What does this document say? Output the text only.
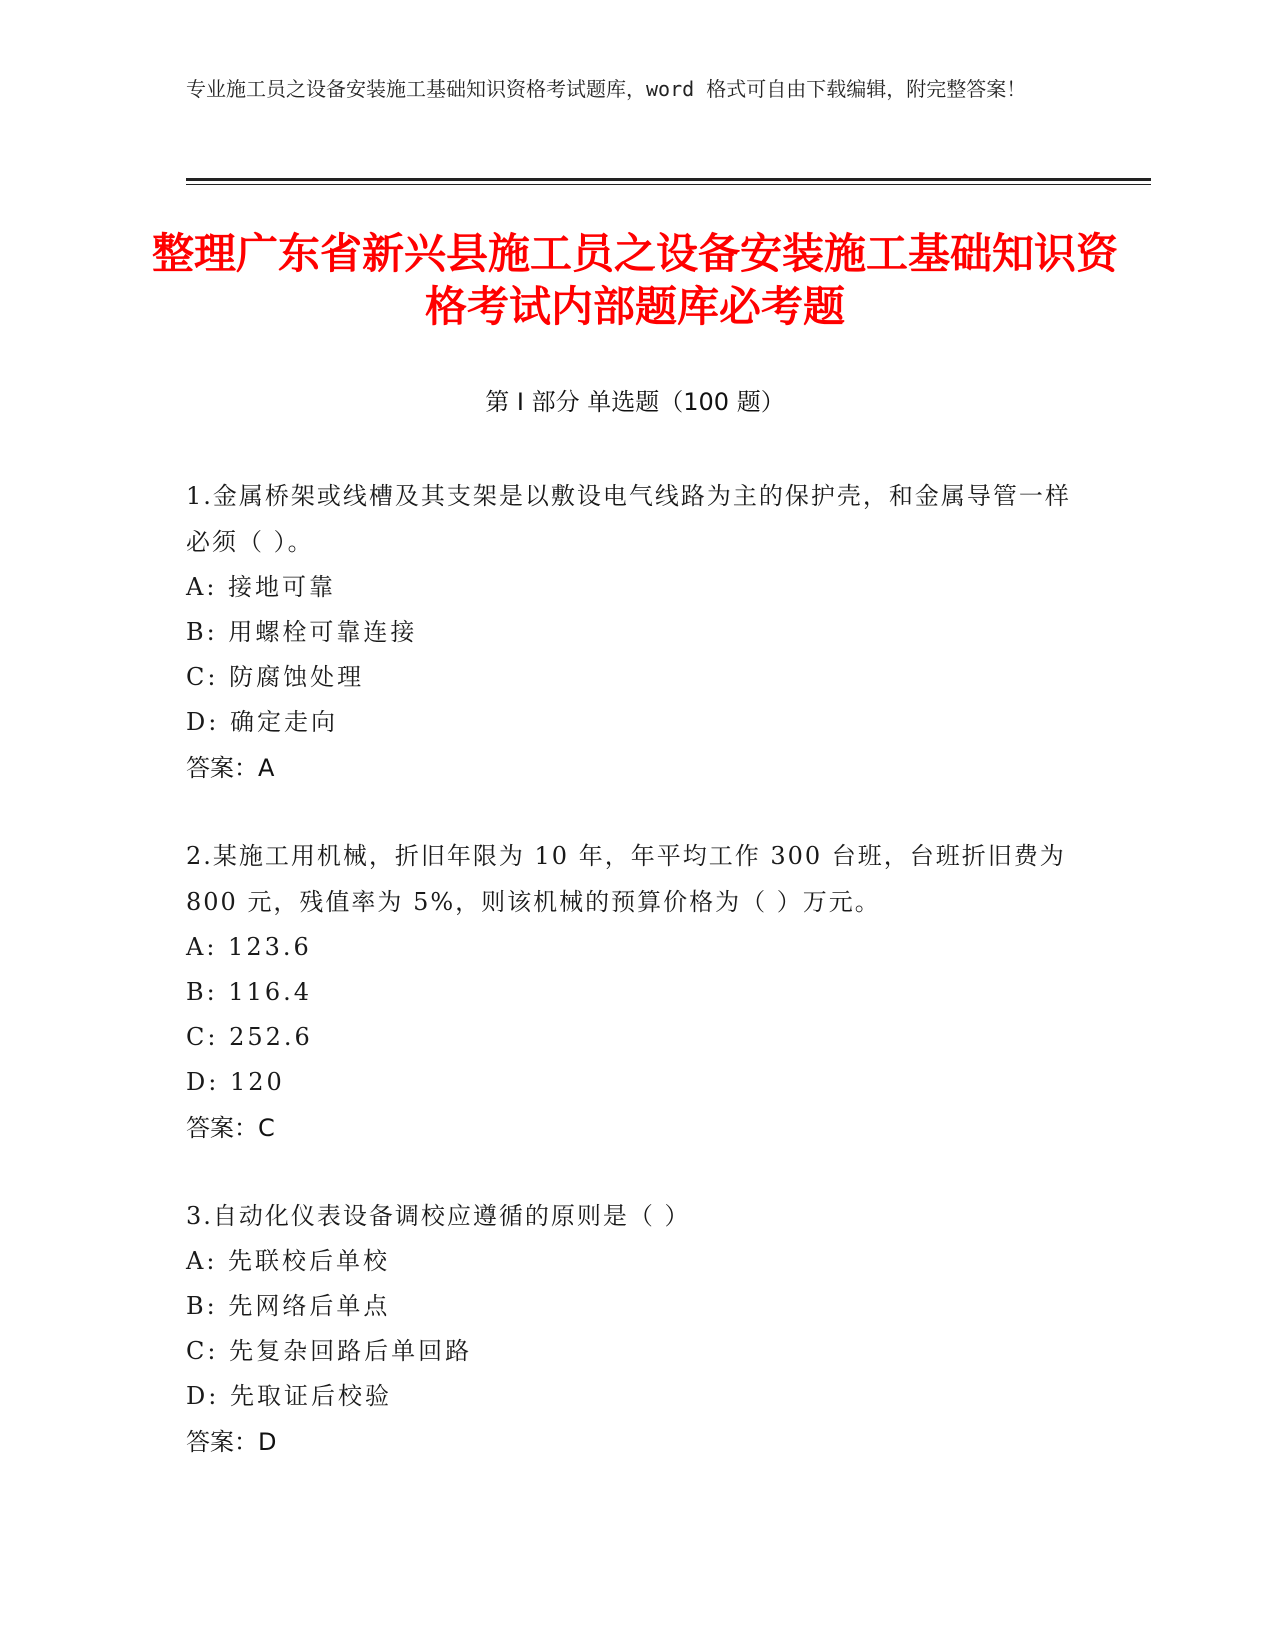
专业施工员之设备安装施工基础知识资格考试题库，word 格式可自由下载编辑，附完整答案！
整理广东省新兴县施工员之设备安装施工基础知识资格考试内部题库必考题
第 I 部分 单选题（100 题）
1.金属桥架或线槽及其支架是以敷设电气线路为主的保护壳，和金属导管一样必须（ ）。
A: 接地可靠
B: 用螺栓可靠连接
C: 防腐蚀处理
D: 确定走向
答案：A
2.某施工用机械，折旧年限为 10 年，年平均工作 300 台班，台班折旧费为 800 元，残值率为 5%，则该机械的预算价格为（ ）万元。
A: 123.6
B: 116.4
C: 252.6
D: 120
答案：C
3.自动化仪表设备调校应遵循的原则是（ ）
A: 先联校后单校
B: 先网络后单点
C: 先复杂回路后单回路
D: 先取证后校验
答案：D
